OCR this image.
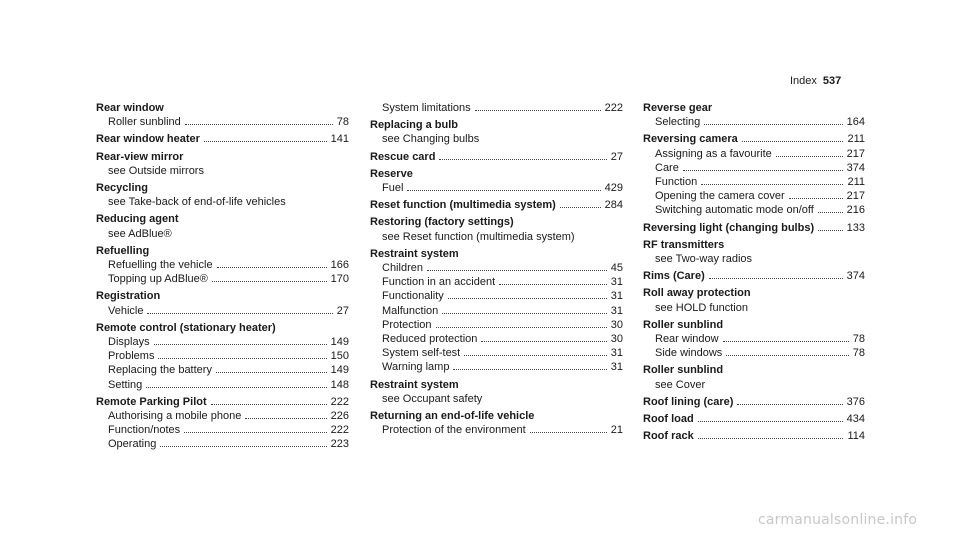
Index 537
Rear window
Roller sunblind	78
Rear window heater	141
Rear-view mirror
see Outside mirrors
Recycling
see Take-back of end-of-life vehicles
Reducing agent
see AdBlue®
Refuelling
Refuelling the vehicle	166
Topping up AdBlue®	170
Registration
Vehicle	27
Remote control (stationary heater)
Displays	149
Problems	150
Replacing the battery	149
Setting	148
Remote Parking Pilot	222
Authorising a mobile phone	226
Function/notes	222
Operating	223
System limitations	222
Replacing a bulb
see Changing bulbs
Rescue card	27
Reserve
Fuel	429
Reset function (multimedia system)	284
Restoring (factory settings)
see Reset function (multimedia system)
Restraint system
Children	45
Function in an accident	31
Functionality	31
Malfunction	31
Protection	30
Reduced protection	30
System self-test	31
Warning lamp	31
Restraint system
see Occupant safety
Returning an end-of-life vehicle
Protection of the environment	21
Reverse gear
Selecting	164
Reversing camera	211
Assigning as a favourite	217
Care	374
Function	211
Opening the camera cover	217
Switching automatic mode on/off	216
Reversing light (changing bulbs)	133
RF transmitters
see Two-way radios
Rims (Care)	374
Roll away protection
see HOLD function
Roller sunblind
Rear window	78
Side windows	78
Roller sunblind
see Cover
Roof lining (care)	376
Roof load	434
Roof rack	114
carmanualsonline.info
